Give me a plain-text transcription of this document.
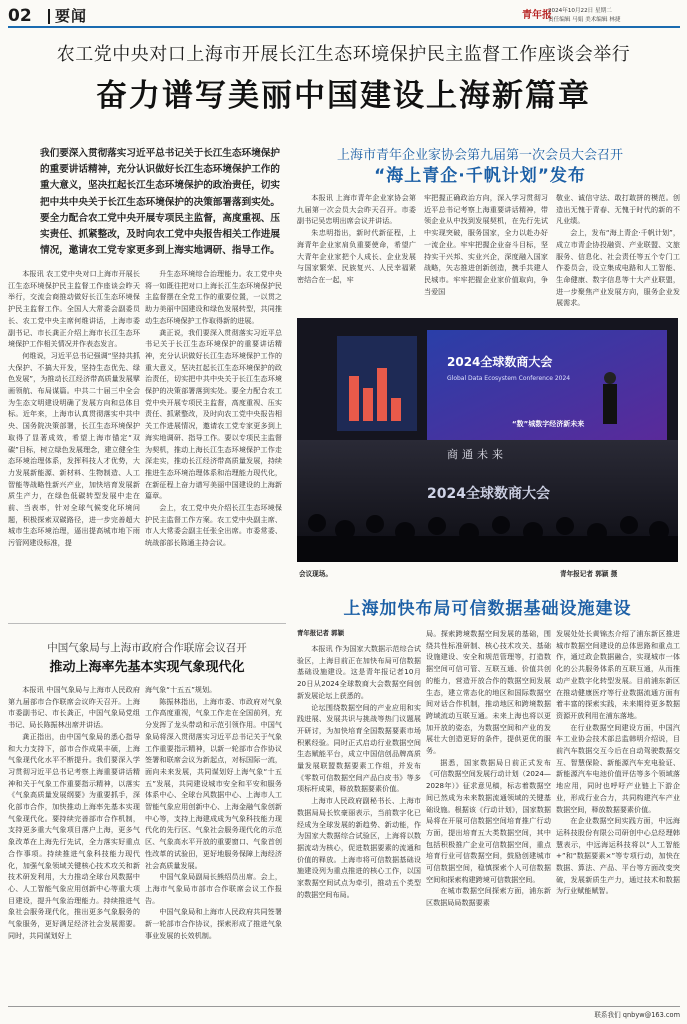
02 要闻	青年报
2024年10月22日 星期二
责任编辑 马娟 美术编辑 林捷
农工党中央对口上海市开展长江生态环境保护民主监督工作座谈会举行
奋力谱写美丽中国建设上海新篇章
我们要深入贯彻落实习近平总书记关于长江生态环境保护的重要讲话精神，充分认识做好长江生态环境保护工作的重大意义，坚决扛起长江生态环境保护的政治责任，切实把中共中央关于长江生态环境保护的决策部署落到实处。要全力配合农工党中央开展专项民主监督，高度重视、压实责任、抓紧整改，及时向农工党中央报告相关工作进展情况，邀请农工党专家更多到上海实地调研、指导工作。

本报讯 农工党中央对口上海市开展长江生态环境保护民主监督工作座谈会昨天举行，交流会商推动做好长江生态环境保护民主监督工作。全国人大常委会副委员长、农工党中央主席何维讲话，上海市委副书记、市长龚正介绍上海市长江生态环境保护工作相关情况并作表态发言。

何维说，习近平总书记强调“坚持共抓大保护、不搞大开发，坚持生态优先、绿色发展”，为推动长江经济带高质量发展擘画领航、布局谋篇。中共二十届三中全会为生态文明建设明确了发展方向和总体目标。近年来，上海市认真贯彻落实中共中央、国务院决策部署，长江生态环境保护取得了显著成效，希望上海市锚定“双碳”目标，树立绿色发展理念，建立健全生态环境治理体系，发挥科技人才优势，大力发展新能源、新材料、生物制造、人工智能等战略性新兴产业，加快培育发展新质生产力，在绿色低碳转型发展中走在前、当表率，针对全球气候变化环境问题，积极探索双碳路径，进一步完善超大城市生态环境治理，逼出提高城市地下雨污管网建设标准，提

升生态环境综合治理能力。农工党中央将一如既往把对口上海长江生态环境保护民主监督摆在全党工作的重要位置，一以贯之助力美丽中国建设和绿色发展转型，共同推动生态环境保护工作取得新的进展。

龚正说，我们要深入贯彻落实习近平总书记关于长江生态环境保护的重要讲话精神，充分认识做好长江生态环境保护工作的重大意义，坚决扛起长江生态环境保护的政治责任，切实把中共中央关于长江生态环境保护的决策部署落到实处。要全力配合农工党中央开展专项民主监督，高度重视、压实责任、抓紧整改，及时向农工党中央报告相关工作进展情况，邀请农工党专家更多到上海实地调研、指导工作。要以专项民主监督为契机，推动上海长江生态环境保护工作走深走实，推动长江经济带高质量发展，持续推进生态环境治理体系和治理能力现代化，在新征程上奋力谱写美丽中国建设的上海新篇章。

会上，农工党中央介绍长江生态环境保护民主监督工作方案。农工党中央副主席、市人大常委会副主任张全出席。市委常委、统战部部长陈通主持会议。

上海市青年企业家协会第九届第一次会员大会召开
“海上青企·千帆计划”发布

本报讯 上海市青年企业家协会第九届第一次会员大会昨天召开。市委副书记吴忠明出席会议并讲话。

朱忠明指出，新时代新征程，上海青年企业家肩负重要使命，希望广大青年企业家把个人成长、企业发展与国家繁荣、民族复兴、人民幸福紧密结合在一起，牢

牢把握正确政治方向，深入学习贯彻习近平总书记考察上海重要讲话精神，带领企业从中找到发展契机，在先行先试中实现突破，服务国家，全力以赴办好一流企业。牢牢把握企业奋斗目标，坚持实干兴邦、实业兴企，深度融入国家战略，矢志推进创新创造，携手共建人民城市。牢牢把握企业家价值取向，争当爱国

敬业、诚信守法、敢打敢拼的模范。创造出无愧于青春、无愧于时代的新的不凡业绩。

会上，发布“海上青企·千帆计划”，成立市青企协投融资、产业联盟、文旅服务、信息化、社会责任等五个专门工作委员会，设立集成电路和人工智能、生命健康、数字信息等十大产业联盟，进一步聚焦产业发展方向，服务企业发展需求。

2024全球数商大会
Global Data Ecosystem Conference 2024
“数”城数字经济新未来
商通未来
2024全球数商大会
会议现场。	青年报记者 郭颖 摄
上海加快布局可信数据基础设施建设
青年报记者 郭颖

本报讯 作为国家大数据示范综合试验区，上海目前正在加快布局可信数据基础设施建设。这是青年报记者10月20日从2024全球数商大会数据空间创新发展论坛上获悉的。

论坛围绕数据空间的产业应用和实践进展、发展共识与挑战等热门议题展开研讨，为加快培育全国数据要素市场积累经验。同时正式启动行业数据空间生态赋能平台，成立中国信创品牌高质量发展联盟数据要素工作组，并发布《零数可信数据空间产品白皮书》等多项标杆成果，释放数据要素价值。

上海市人民政府副秘书长、上海市数据局局长钦豪丽表示，当前数字化已经成为全球发展的新趋势、新动能，作为国家大数据综合试验区，上海将以数据流动为核心，促进数据要素的流通和价值的释放。上海市将可信数据基础设施建设列为重点推进的核心工作，以国家数据空间试点为牵引，推动五个类型的数据空间布局。

局。探索跨境数据空间发展的基础，围绕共性标准研制、核心技术攻关、基础设施建设、安全和规范管理等，打造数据空间可信可管、互联互通、价值共创的能力，营造开放合作的数据空间发展生态，建立常态化的地区和国际数据空间对话合作机制，推动地区和跨境数据跨域流动互联互通。未来上海也将以更加开放的姿态，为数据空间和产业的发展壮大创造更好的条件，提供更优的服务。

据悉，国家数据局日前正式发布《可信数据空间发展行动计划（2024—2028年）》征求意见稿，标志着数据空间已然成为未来数据流通领域的关键基础设施。根据该《行动计划》，国家数据局将在开展可信数据空间培育推广行动方面，提出培育五大类数据空间，其中包括积极推广企业可信数据空间，重点培育行业可信数据空间，鼓励创建城市可信数据空间，稳慎探索个人可信数据空间和探索构建跨境可信数据空间。

在城市数据空间探索方面，浦东新区数据局局数据要素

发展处处长黄锦杰介绍了浦东新区推进城市数据空间建设的总体思路和重点工作，通过政企数据融合，实现城市一体化的公共服务体系的互联互通，从而推动产业数字化转型发展。目前浦东新区在推动健康医疗等行业数据流通方面有着丰富的探索实践，未来期待更多数据资源开放利用在浦东落地。

在行业数据空间建设方面，中国汽车工业协会技术部总监韩明介绍说，目前汽车数据交互今后在自动驾驶数据交互、智慧保险、新能源汽车充电验证、新能源汽车电池价值评估等多个领域落地应用，同时也呼吁产业链上下游企业，形成行业合力，共同构建汽车产业数据空间，释放数据要素价值。

在企业数据空间实践方面，中远海运科技股份有限公司研创中心总经理韩慧表示，中远海运科技将以“人工智能+”和“数据要素×”等专项行动，加快在数据、算法、产品、平台等方面改变突破，发展新质生产力，通过技术和数据为行业赋能赋智。

中国气象局与上海市政府合作联席会议召开
推动上海率先基本实现气象现代化

本报讯 中国气象局与上海市人民政府第九届部市合作联席会议昨天召开。上海市委副书记、市长龚正，中国气象局党组书记、局长陈振林出席并讲话。

龚正指出，由中国气象局的悉心指导和大力支持下，部市合作成果丰硕，上海气象现代化水平不断提升。我们要深入学习贯彻习近平总书记考察上海重要讲话精神和关于气象工作重要指示精神，以落实《气象高质量发展纲要》为重要抓手，深化部市合作，加快推动上海率先基本实现气象现代化。要持续完善部市合作机制，支持更多重大气象项目落户上海，更多气象改革在上海先行先试，全力落实好重点合作事项。持续推进气象科技能力现代化，加强气象领域关键核心技术攻关和新技术研发利用，大力推动全球台风数据中心、人工智能气象应用创新中心等重大项目建设，提升气象治理能力。持续推进气象社会服务现代化，推出更多气象服务的气象服务，更好满足经济社会发展需要。同时，共同谋划好上

海气象“十五五”规划。

陈振林指出，上海市委、市政府对气象工作高度重视，气象工作走在全国前列，充分发挥了龙头带动和示范引领作用。中国气象局将深入贯彻落实习近平总书记关于气象工作重要指示精神，以新一轮部市合作协议签署和联席会议为新起点，对标国际一流，面向未来发展，共同谋划好上海气象“十五五”发展，共同建设城市安全和平安和服务体系中心、全球台风数据中心、上海市人工智能气象应用创新中心、上海金融气象创新中心等，支持上海建成成为气象科技能力现代化的先行区、气象社会服务现代化的示范区、气象高水平开放的重要窗口、气象首创性改革的试验田，更好地服务保障上海经济社会高质量发展。

中国气象局副局长熊绍员出席。会上，上海市气象局市部市合作联席会议工作报告。

中国气象局和上海市人民政府共同签署新一轮部市合作协议，探索形成了推进气象事业发展的长效机制。

联系我们 qnbyw@163.com
